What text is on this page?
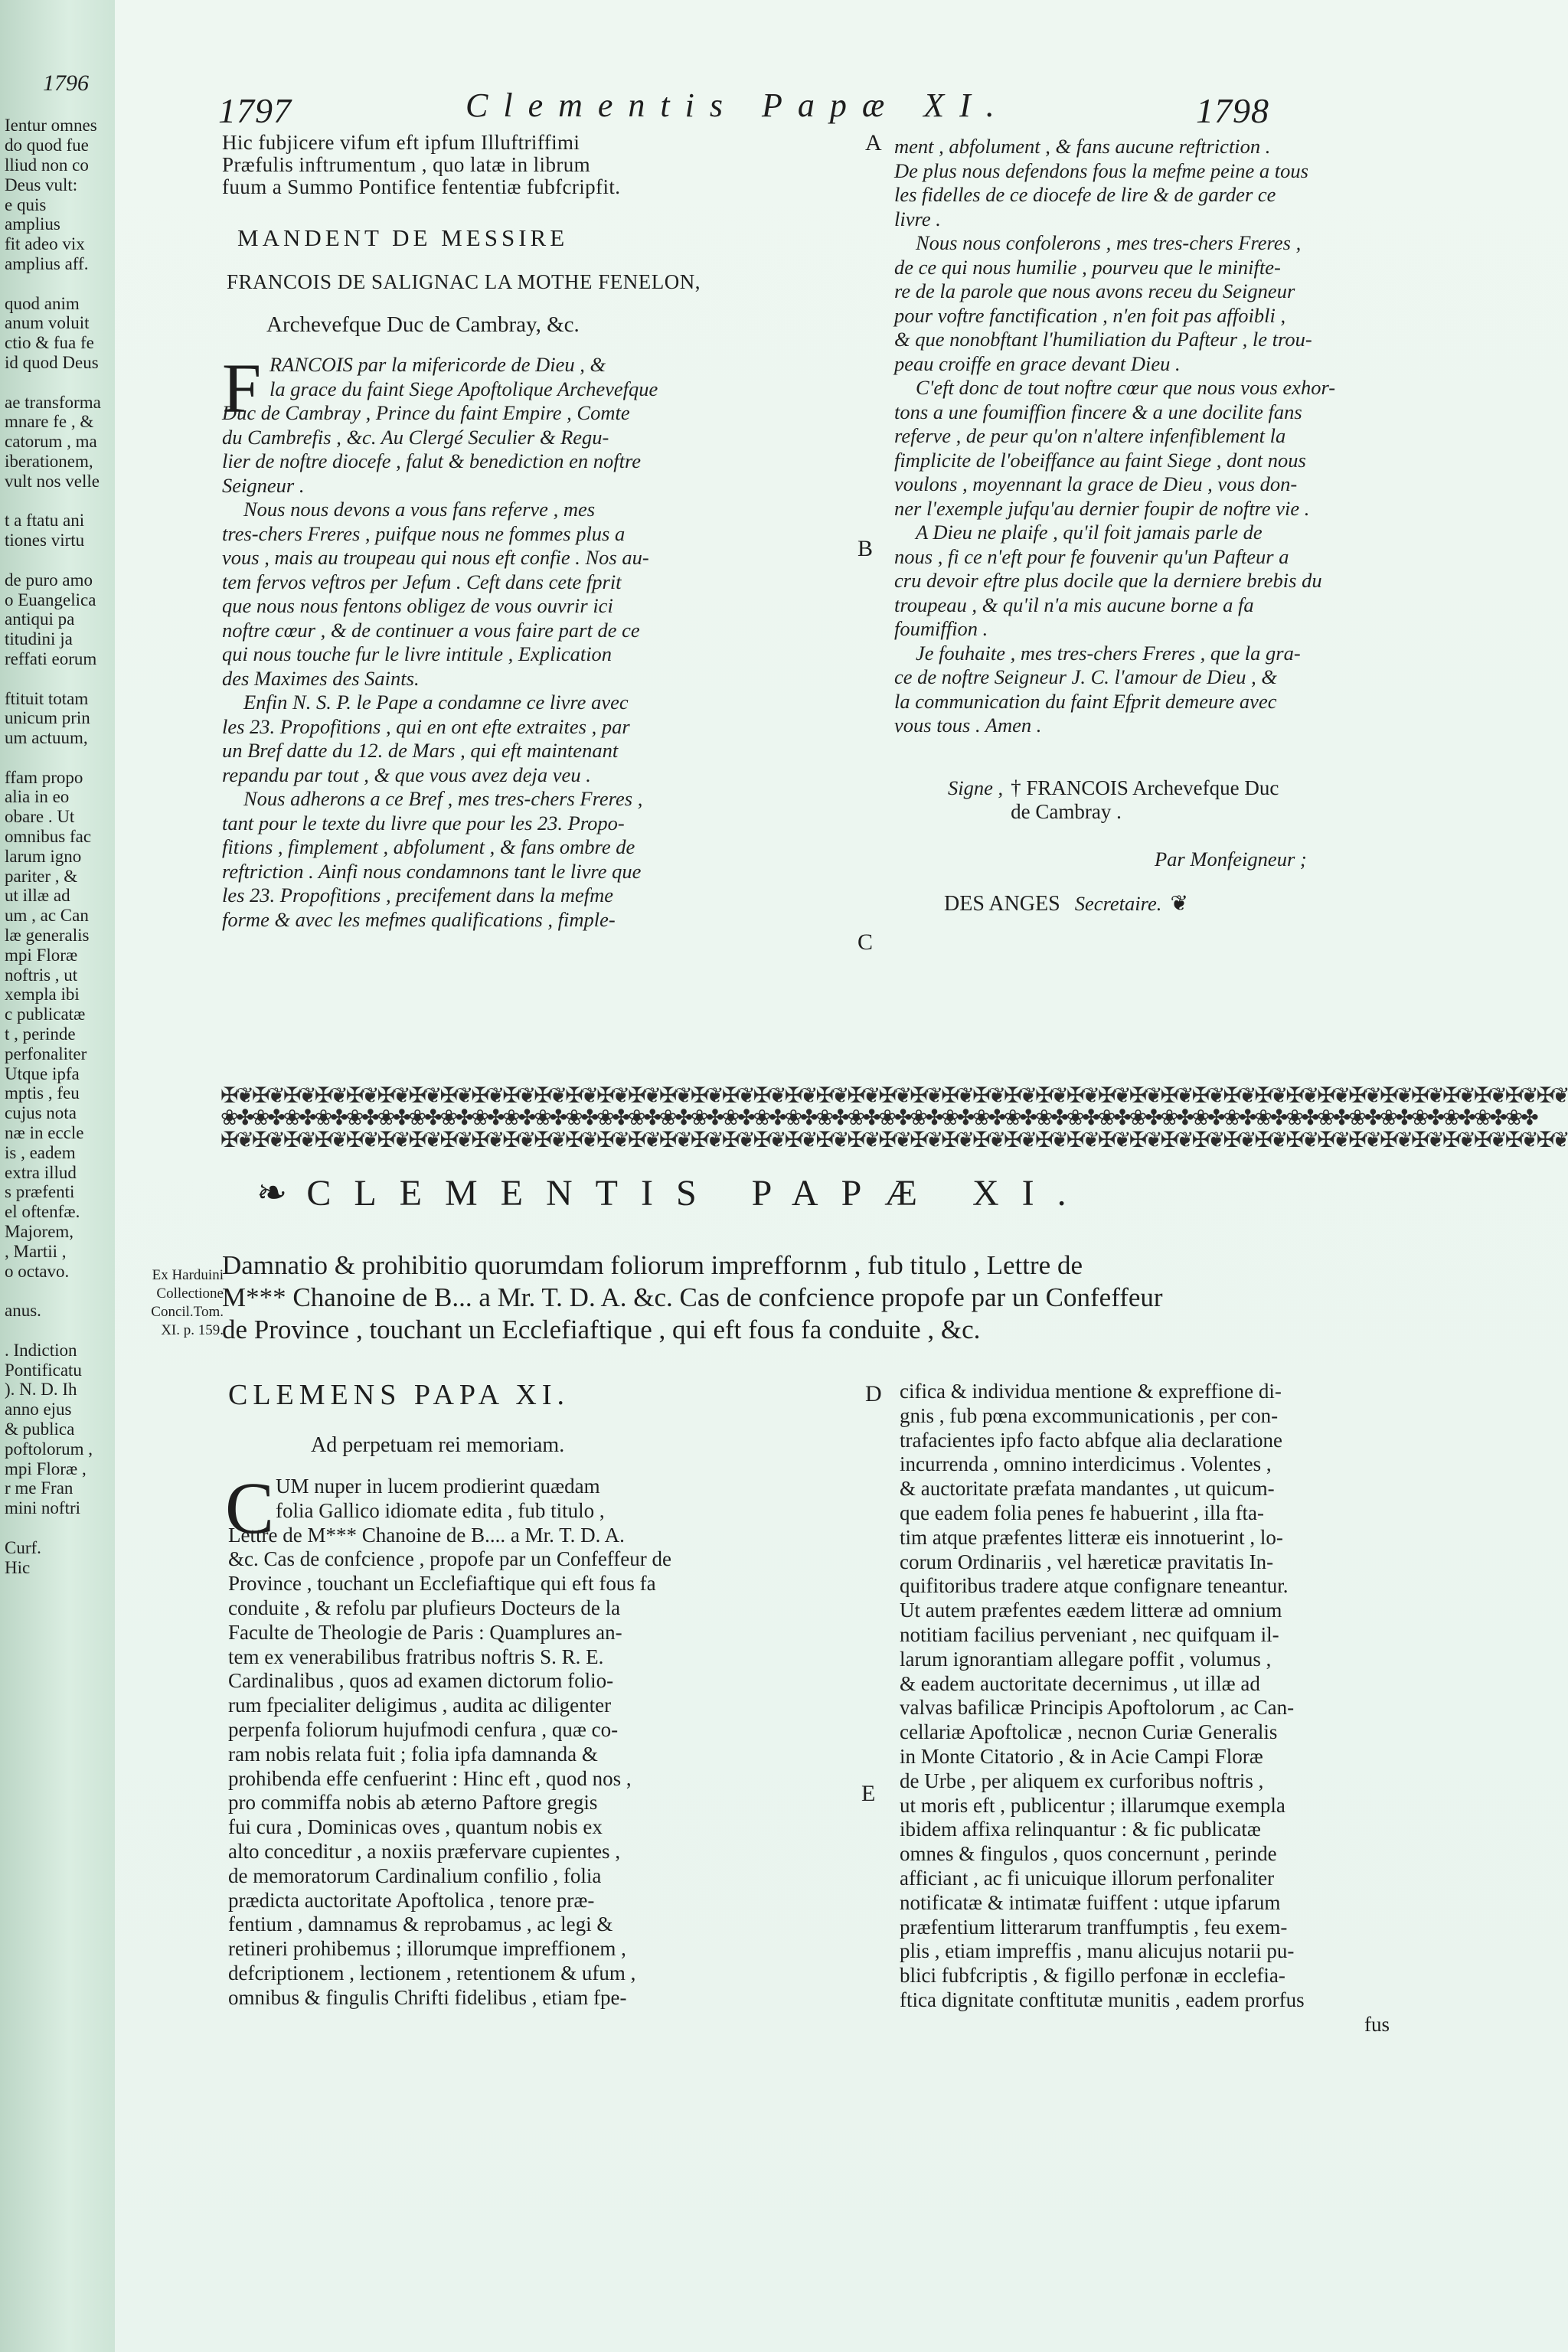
1796

Ientur omnes
do quod fue
lliud non co
Deus vult:
e quis amplius
fit adeo vix
amplius aff.

quod anim
anum voluit
ctio & fua fe
id quod Deus

ae transforma
mnare fe , &
catorum , ma
iberationem,
vult nos velle

t a ftatu ani
tiones virtu

de puro amo
o Euangelica
antiqui pa
titudini ja
reffati eorum

ftituit totam
unicum prin
um actuum,

ffam propo
alia in eo
obare . Ut
omnibus fac
larum igno
pariter , &
ut illæ ad
um , ac Can
læ generalis
mpi Floræ
noftris , ut
xempla ibi
c publicatæ
t , perinde
perfonaliter
Utque ipfa
mptis , feu
cujus nota
næ in eccle
is , eadem
extra illud
s præfenti
el oftenfæ.
Majorem,
, Martii ,
o octavo.

anus.

. Indiction
Pontificatu
). N. D. Ih
anno ejus
& publica
poftolorum ,
mpi Floræ ,
r me Fran
mini noftri

Curf.
Hic

1797	Clementis Papæ XI.	1798
Hic fubjicere vifum eft ipfum Illuftriffimi
Præfulis inftrumentum , quo latæ in librum
fuum a Summo Pontifice fententiæ fubfcripfit.
MANDENT DE MESSIRE
FRANCOIS DE SALIGNAC LA MOTHE FENELON,
Archevefque Duc de Cambray, &c.
F RANCOIS par la mifericorde de Dieu , &
la grace du faint Siege Apoftolique Archevefque
Duc de Cambray , Prince du faint Empire , Comte
du Cambrefis , &c. Au Clergé Seculier & Regu-
lier de noftre diocefe , falut & benediction en noftre
Seigneur .
Nous nous devons a vous fans referve , mes
tres-chers Freres , puifque nous ne fommes plus a
vous , mais au troupeau qui nous eft confie . Nos au-
tem fervos veftros per Jefum . Ceft dans cete fprit
que nous nous fentons obligez de vous ouvrir ici
noftre cœur , & de continuer a vous faire part de ce
qui nous touche fur le livre intitule , Explication
des Maximes des Saints.
Enfin N. S. P. le Pape a condamne ce livre avec
les 23. Propofitions , qui en ont efte extraites , par
un Bref datte du 12. de Mars , qui eft maintenant
repandu par tout , & que vous avez deja veu .
Nous adherons a ce Bref , mes tres-chers Freres ,
tant pour le texte du livre que pour les 23. Propo-
fitions , fimplement , abfolument , & fans ombre de
reftriction . Ainfi nous condamnons tant le livre que
les 23. Propofitions , precifement dans la mefme
forme & avec les mefmes qualifications , fimple-
A
B
C
ment , abfolument , & fans aucune reftriction .
De plus nous defendons fous la mefme peine a tous
les fidelles de ce diocefe de lire & de garder ce
livre .
Nous nous confolerons , mes tres-chers Freres ,
de ce qui nous humilie , pourveu que le minifte-
re de la parole que nous avons receu du Seigneur
pour voftre fanctification , n'en foit pas affoibli ,
& que nonobftant l'humiliation du Pafteur , le trou-
peau croiffe en grace devant Dieu .
C'eft donc de tout noftre cœur que nous vous exhor-
tons a une foumiffion fincere & a une docilite fans
referve , de peur qu'on n'altere infenfiblement la
fimplicite de l'obeiffance au faint Siege , dont nous
voulons , moyennant la grace de Dieu , vous don-
ner l'exemple jufqu'au dernier foupir de noftre vie .
A Dieu ne plaife , qu'il foit jamais parle de
nous , fi ce n'eft pour fe fouvenir qu'un Pafteur a
cru devoir eftre plus docile que la derniere brebis du
troupeau , & qu'il n'a mis aucune borne a fa
foumiffion .
Je fouhaite , mes tres-chers Freres , que la gra-
ce de noftre Seigneur J. C. l'amour de Dieu , &
la communication du faint Efprit demeure avec
vous tous . Amen .
Signe , † FRANCOIS Archevefque Duc
de Cambray .
Par Monfeigneur ;
DES ANGES Secretaire. ❦
✠❦✠❦✠❦✠❦✠❦✠❦✠❦✠❦✠❦✠❦✠❦✠❦✠❦✠❦✠❦✠❦✠❦✠❦✠❦✠❦✠❦✠❦✠❦✠❦✠❦✠❦✠❦✠❦✠❦✠❦✠❦✠❦✠❦✠❦✠❦✠❦✠❦✠❦✠❦✠❦✠❦✠❦✠❦
❀✤❀✤❀✤❀✤❀✤❀✤❀✤❀✤❀✤❀✤❀✤❀✤❀✤❀✤❀✤❀✤❀✤❀✤❀✤❀✤❀✤❀✤❀✤❀✤❀✤❀✤❀✤❀✤❀✤❀✤❀✤❀✤❀✤❀✤❀✤❀✤❀✤❀✤❀✤❀✤❀✤❀✤
✠❦✠❦✠❦✠❦✠❦✠❦✠❦✠❦✠❦✠❦✠❦✠❦✠❦✠❦✠❦✠❦✠❦✠❦✠❦✠❦✠❦✠❦✠❦✠❦✠❦✠❦✠❦✠❦✠❦✠❦✠❦✠❦✠❦✠❦✠❦✠❦✠❦✠❦✠❦✠❦✠❦✠❦✠❦
❧ CLEMENTIS PAPÆ XI.
Ex Harduini
Collectione
Concil.Tom.
XI. p. 159.
Damnatio & prohibitio quorumdam foliorum impreffornm , fub titulo , Lettre de
M*** Chanoine de B... a Mr. T. D. A. &c. Cas de confcience propofe par un Confeffeur
de Province , touchant un Ecclefiaftique , qui eft fous fa conduite , &c.
CLEMENS PAPA XI.
Ad perpetuam rei memoriam.
C UM nuper in lucem prodierint quædam
folia Gallico idiomate edita , fub titulo ,
Lettre de M*** Chanoine de B.... a Mr. T. D. A.
&c. Cas de confcience , propofe par un Confeffeur de
Province , touchant un Ecclefiaftique qui eft fous fa
conduite , & refolu par plufieurs Docteurs de la
Faculte de Theologie de Paris : Quamplures an-
tem ex venerabilibus fratribus noftris S. R. E.
Cardinalibus , quos ad examen dictorum folio-
rum fpecialiter deligimus , audita ac diligenter
perpenfa foliorum hujufmodi cenfura , quæ co-
ram nobis relata fuit ; folia ipfa damnanda &
prohibenda effe cenfuerint : Hinc eft , quod nos ,
pro commiffa nobis ab æterno Paftore gregis
fui cura , Dominicas oves , quantum nobis ex
alto conceditur , a noxiis præfervare cupientes ,
de memoratorum Cardinalium confilio , folia
prædicta auctoritate Apoftolica , tenore præ-
fentium , damnamus & reprobamus , ac legi &
retineri prohibemus ; illorumque impreffionem ,
defcriptionem , lectionem , retentionem & ufum ,
omnibus & fingulis Chrifti fidelibus , etiam fpe-
D
E
cifica & individua mentione & expreffione di-
gnis , fub pœna excommunicationis , per con-
trafacientes ipfo facto abfque alia declaratione
incurrenda , omnino interdicimus . Volentes ,
& auctoritate præfata mandantes , ut quicum-
que eadem folia penes fe habuerint , illa fta-
tim atque præfentes litteræ eis innotuerint , lo-
corum Ordinariis , vel hæreticæ pravitatis In-
quifitoribus tradere atque confignare teneantur.
Ut autem præfentes eædem litteræ ad omnium
notitiam facilius perveniant , nec quifquam il-
larum ignorantiam allegare poffit , volumus ,
& eadem auctoritate decernimus , ut illæ ad
valvas bafilicæ Principis Apoftolorum , ac Can-
cellariæ Apoftolicæ , necnon Curiæ Generalis
in Monte Citatorio , & in Acie Campi Floræ
de Urbe , per aliquem ex curforibus noftris ,
ut moris eft , publicentur ; illarumque exempla
ibidem affixa relinquantur : & fic publicatæ
omnes & fingulos , quos concernunt , perinde
afficiant , ac fi unicuique illorum perfonaliter
notificatæ & intimatæ fuiffent : utque ipfarum
præfentium litterarum tranffumptis , feu exem-
plis , etiam impreffis , manu alicujus notarii pu-
blici fubfcriptis , & figillo perfonæ in ecclefia-
ftica dignitate conftitutæ munitis , eadem prorfus
fus
